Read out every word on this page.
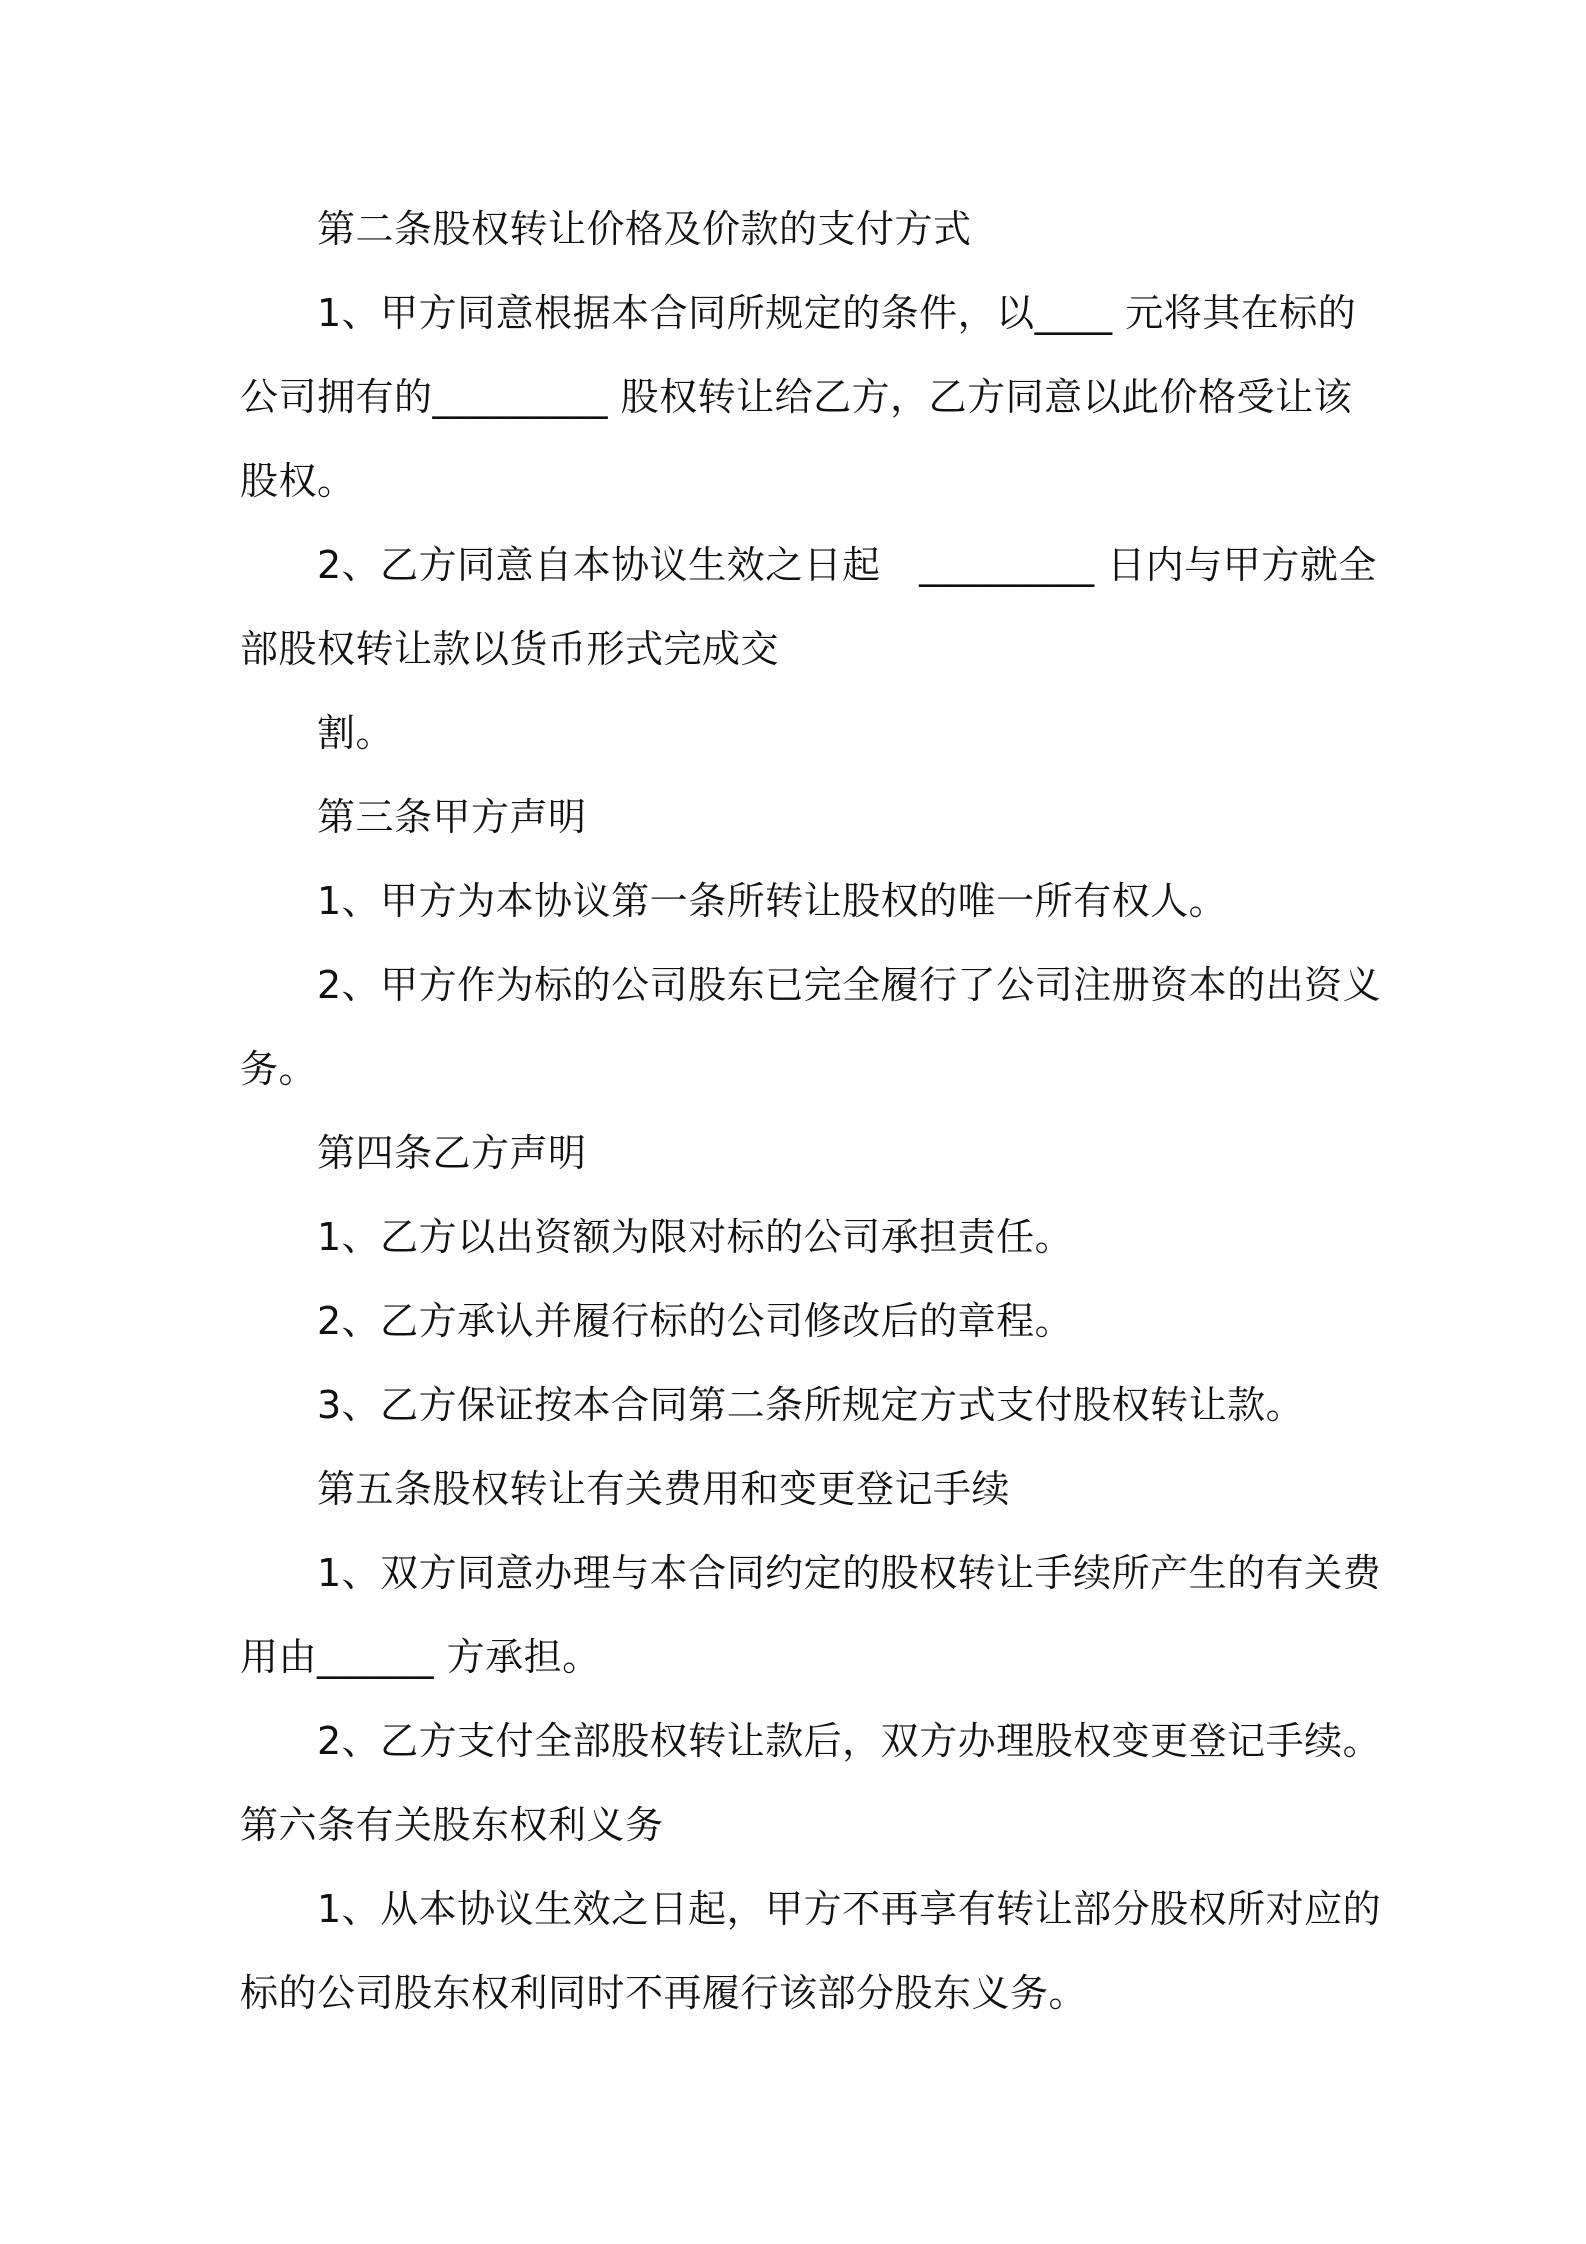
第二条股权转让价格及价款的支付方式

1、甲方同意根据本合同所规定的条件，以____ 元将其在标的

公司拥有的_________ 股权转让给乙方，乙方同意以此价格受让该

股权。

2、乙方同意自本协议生效之日起　_________ 日内与甲方就全

部股权转让款以货币形式完成交

割。

第三条甲方声明

1、甲方为本协议第一条所转让股权的唯一所有权人。

2、甲方作为标的公司股东已完全履行了公司注册资本的出资义

务。

第四条乙方声明

1、乙方以出资额为限对标的公司承担责任。

2、乙方承认并履行标的公司修改后的章程。

3、乙方保证按本合同第二条所规定方式支付股权转让款。

第五条股权转让有关费用和变更登记手续

1、双方同意办理与本合同约定的股权转让手续所产生的有关费

用由______ 方承担。

2、乙方支付全部股权转让款后，双方办理股权变更登记手续。

第六条有关股东权利义务

1、从本协议生效之日起，甲方不再享有转让部分股权所对应的

标的公司股东权利同时不再履行该部分股东义务。
